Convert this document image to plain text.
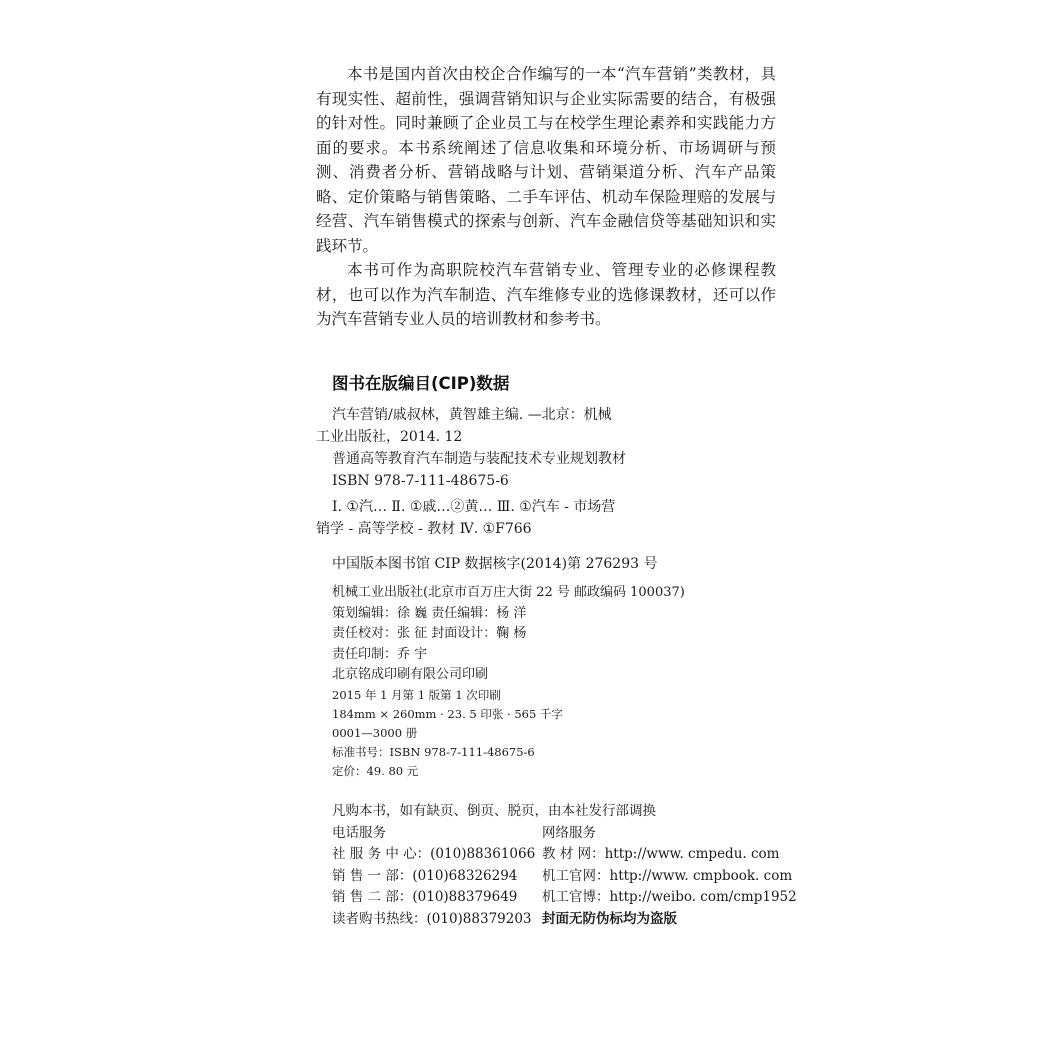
本书是国内首次由校企合作编写的一本“汽车营销”类教材，具有现实性、超前性，强调营销知识与企业实际需要的结合，有极强的针对性。同时兼顾了企业员工与在校学生理论素养和实践能力方面的要求。本书系统阐述了信息收集和环境分析、市场调研与预测、消费者分析、营销战略与计划、营销渠道分析、汽车产品策略、定价策略与销售策略、二手车评估、机动车保险理赔的发展与经营、汽车销售模式的探索与创新、汽车金融信贷等基础知识和实践环节。

本书可作为高职院校汽车营销专业、管理专业的必修课程教材，也可以作为汽车制造、汽车维修专业的选修课教材，还可以作为汽车营销专业人员的培训教材和参考书。

图书在版编目(CIP)数据
汽车营销/戚叔林，黄智雄主编. —北京：机械
工业出版社，2014. 12
普通高等教育汽车制造与装配技术专业规划教材
ISBN 978-7-111-48675-6
Ⅰ. ①汽… Ⅱ. ①戚…②黄… Ⅲ. ①汽车 - 市场营
销学 - 高等学校 - 教材 Ⅳ. ①F766
中国版本图书馆 CIP 数据核字(2014)第 276293 号
机械工业出版社(北京市百万庄大街 22 号 邮政编码 100037)
策划编辑：徐 巍 责任编辑：杨 洋
责任校对：张 征 封面设计：鞠 杨
责任印制：乔 宇
北京铭成印刷有限公司印刷
2015 年 1 月第 1 版第 1 次印刷
184mm × 260mm · 23. 5 印张 · 565 千字
0001—3000 册
标准书号：ISBN 978-7-111-48675-6
定价：49. 80 元
凡购本书，如有缺页、倒页、脱页，由本社发行部调换
电话服务	网络服务
社 服 务 中 心：(010)88361066 教 材 网：http://www. cmpedu. com
销 售 一 部：(010)68326294	机工官网：http://www. cmpbook. com
销 售 二 部：(010)88379649	机工官博：http://weibo. com/cmp1952
读者购书热线：(010)88379203 封面无防伪标均为盗版
